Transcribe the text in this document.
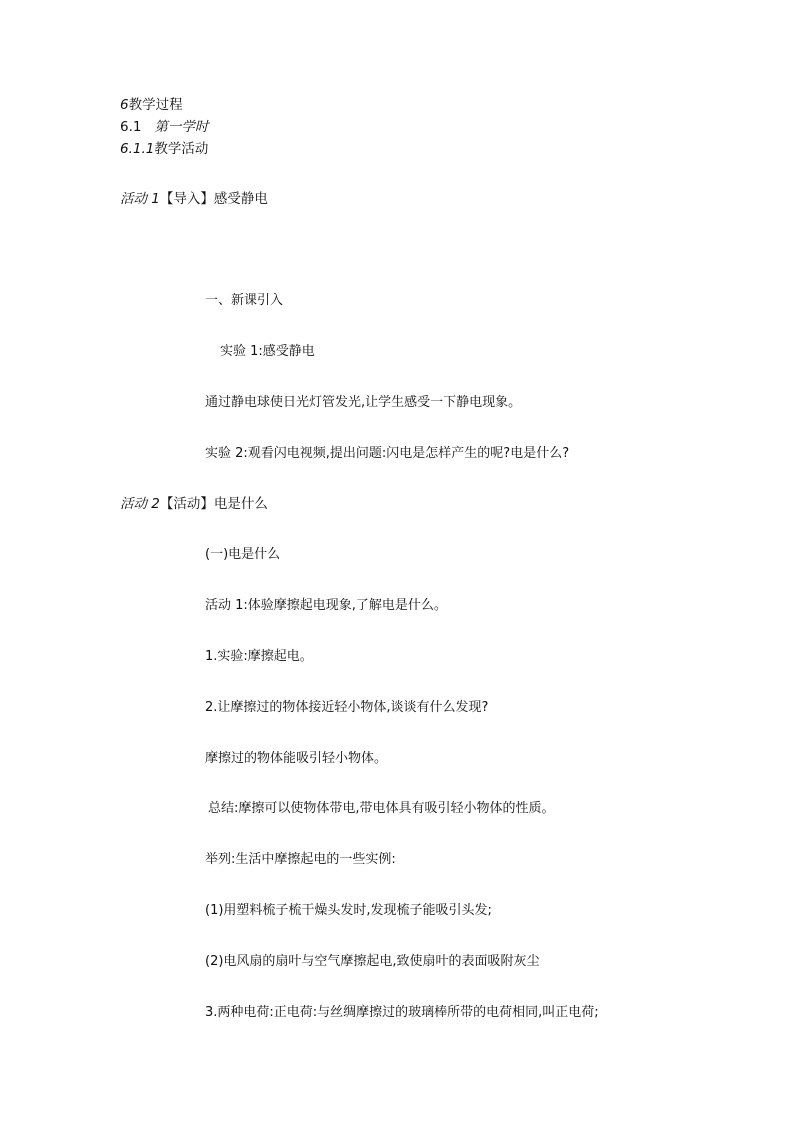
6教学过程
6.1 第一学时
6.1.1教学活动
活动 1【导入】感受静电
一、新课引入
实验 1:感受静电
通过静电球使日光灯管发光,让学生感受一下静电现象。
实验 2:观看闪电视频,提出问题:闪电是怎样产生的呢?电是什么?
活动 2【活动】电是什么
(一)电是什么
活动 1:体验摩擦起电现象,了解电是什么。
1.实验:摩擦起电。
2.让摩擦过的物体接近轻小物体,谈谈有什么发现?
摩擦过的物体能吸引轻小物体。
总结:摩擦可以使物体带电,带电体具有吸引轻小物体的性质。
举列:生活中摩擦起电的一些实例:
(1)用塑料梳子梳干燥头发时,发现梳子能吸引头发;
(2)电风扇的扇叶与空气摩擦起电,致使扇叶的表面吸附灰尘
3.两种电荷:正电荷:与丝绸摩擦过的玻璃棒所带的电荷相同,叫正电荷;
